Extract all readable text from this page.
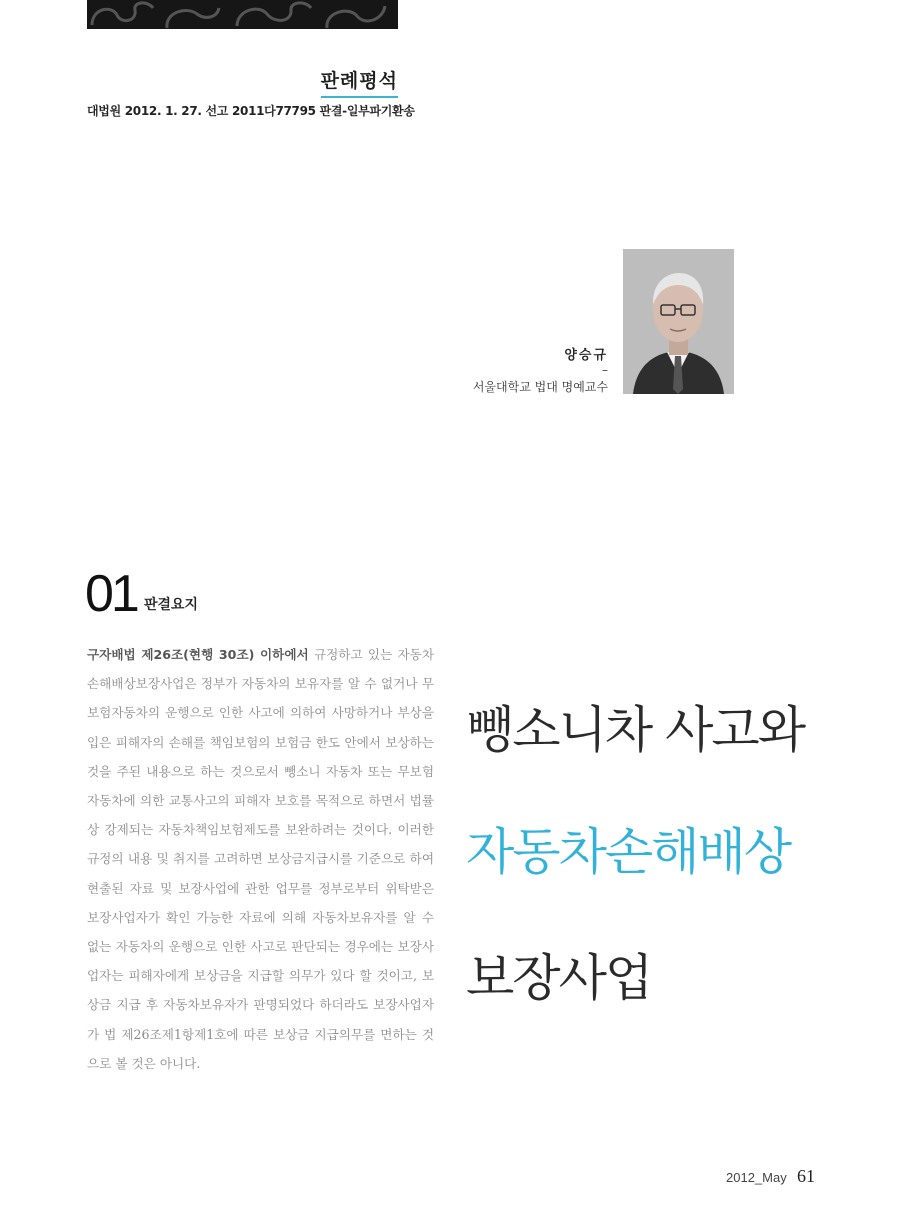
판례평석
대법원 2012. 1. 27. 선고 2011다77795 판결-일부파기환송
양승규
–
서울대학교 법대 명예교수
01 판결요지

구자배법 제26조(현행 30조) 이하에서 규정하고 있는 자동차손해배상보장사업은 정부가 자동차의 보유자를 알 수 없거나 무보험자동차의 운행으로 인한 사고에 의하여 사망하거나 부상을 입은 피해자의 손해를 책임보험의 보험금 한도 안에서 보상하는 것을 주된 내용으로 하는 것으로서 뺑소니 자동차 또는 무보험자동차에 의한 교통사고의 피해자 보호를 목적으로 하면서 법률상 강제되는 자동차책임보험제도를 보완하려는 것이다. 이러한 규정의 내용 및 취지를 고려하면 보상금지급시를 기준으로 하여 현출된 자료 및 보장사업에 관한 업무를 정부로부터 위탁받은 보장사업자가 확인 가능한 자료에 의해 자동차보유자를 알 수 없는 자동차의 운행으로 인한 사고로 판단되는 경우에는 보장사업자는 피해자에게 보상금을 지급할 의무가 있다 할 것이고, 보상금 지급 후 자동차보유자가 판명되었다 하더라도 보장사업자가 법 제26조제1항제1호에 따른 보상금 지급의무를 면하는 것으로 볼 것은 아니다.

뺑소니차 사고와
자동차손해배상
보장사업
2012_May 61
